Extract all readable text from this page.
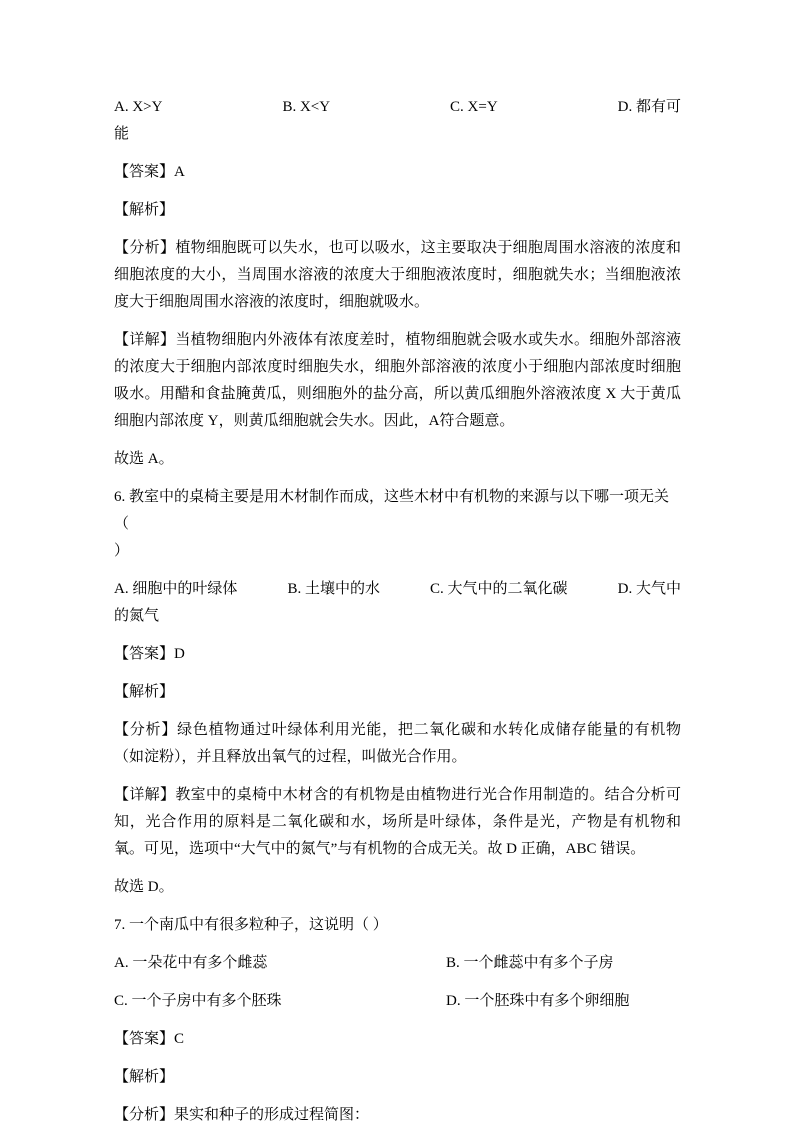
A. X>Y	B. X<Y	C. X=Y	D. 都有可
能
【答案】A
【解析】
【分析】植物细胞既可以失水，也可以吸水，这主要取决于细胞周围水溶液的浓度和细胞浓度的大小，当周围水溶液的浓度大于细胞液浓度时，细胞就失水；当细胞液浓度大于细胞周围水溶液的浓度时，细胞就吸水。
【详解】当植物细胞内外液体有浓度差时，植物细胞就会吸水或失水。细胞外部溶液的浓度大于细胞内部浓度时细胞失水，细胞外部溶液的浓度小于细胞内部浓度时细胞吸水。用醋和食盐腌黄瓜，则细胞外的盐分高，所以黄瓜细胞外溶液浓度 X 大于黄瓜细胞内部浓度 Y，则黄瓜细胞就会失水。因此，A符合题意。
故选 A。
6. 教室中的桌椅主要是用木材制作而成，这些木材中有机物的来源与以下哪一项无关（
）
A. 细胞中的叶绿体	B. 土壤中的水	C. 大气中的二氧化碳	D. 大气中
的氮气
【答案】D
【解析】
【分析】绿色植物通过叶绿体利用光能，把二氧化碳和水转化成储存能量的有机物（如淀粉），并且释放出氧气的过程，叫做光合作用。
【详解】教室中的桌椅中木材含的有机物是由植物进行光合作用制造的。结合分析可知，光合作用的原料是二氧化碳和水，场所是叶绿体，条件是光，产物是有机物和氧。可见，选项中“大气中的氮气”与有机物的合成无关。故 D 正确，ABC 错误。
故选 D。
7. 一个南瓜中有很多粒种子，这说明（ ）
A. 一朵花中有多个雌蕊	B. 一个雌蕊中有多个子房
C. 一个子房中有多个胚珠	D. 一个胚珠中有多个卵细胞
【答案】C
【解析】
【分析】果实和种子的形成过程简图：
